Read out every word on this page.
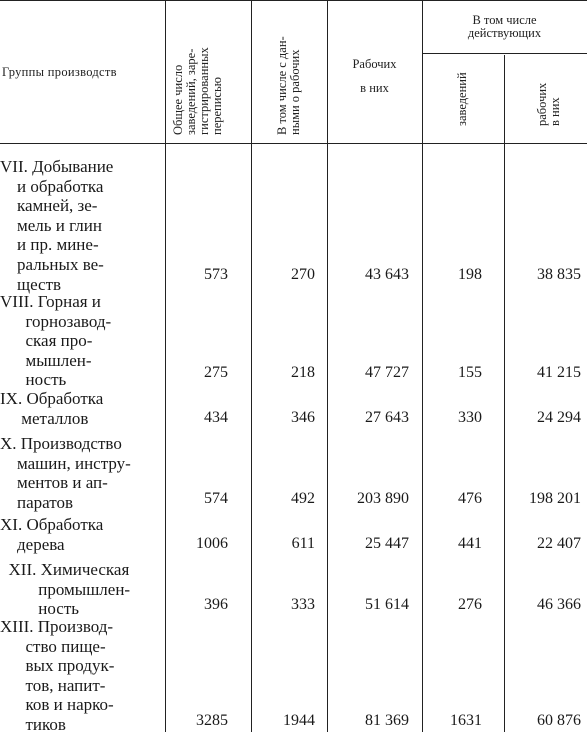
Группы производств	Общее число заведений, заре- гистрированных переписью	В том числе с дан- ными о рабочих	Рабочих
в них
В том числе
действующих
заведений	рабочих в них
VII. Добывание
и обработка
камней, зе-
мель и глин
и пр. мине-
ральных ве-
ществ
573	270	43 643	198	38 835
VIII. Горная и
горнозавод-
ская про-
мышлен-
ность	275	218	47 727	155	41 215
IX. Обработка
металлов	434	346	27 643	330	24 294
X. Производство
машин, инстру-
ментов и ап-
паратов	574	492	203 890	476	198 201
XI. Обработка
дерева	1006	611	25 447	441	22 407
XII. Химическая
промышлен-
ность	396	333	51 614	276	46 366
XIII. Производ-
ство пище-
вых продук-
тов, напит-
ков и нарко-
тиков	3285	1944	81 369	1631	60 876
